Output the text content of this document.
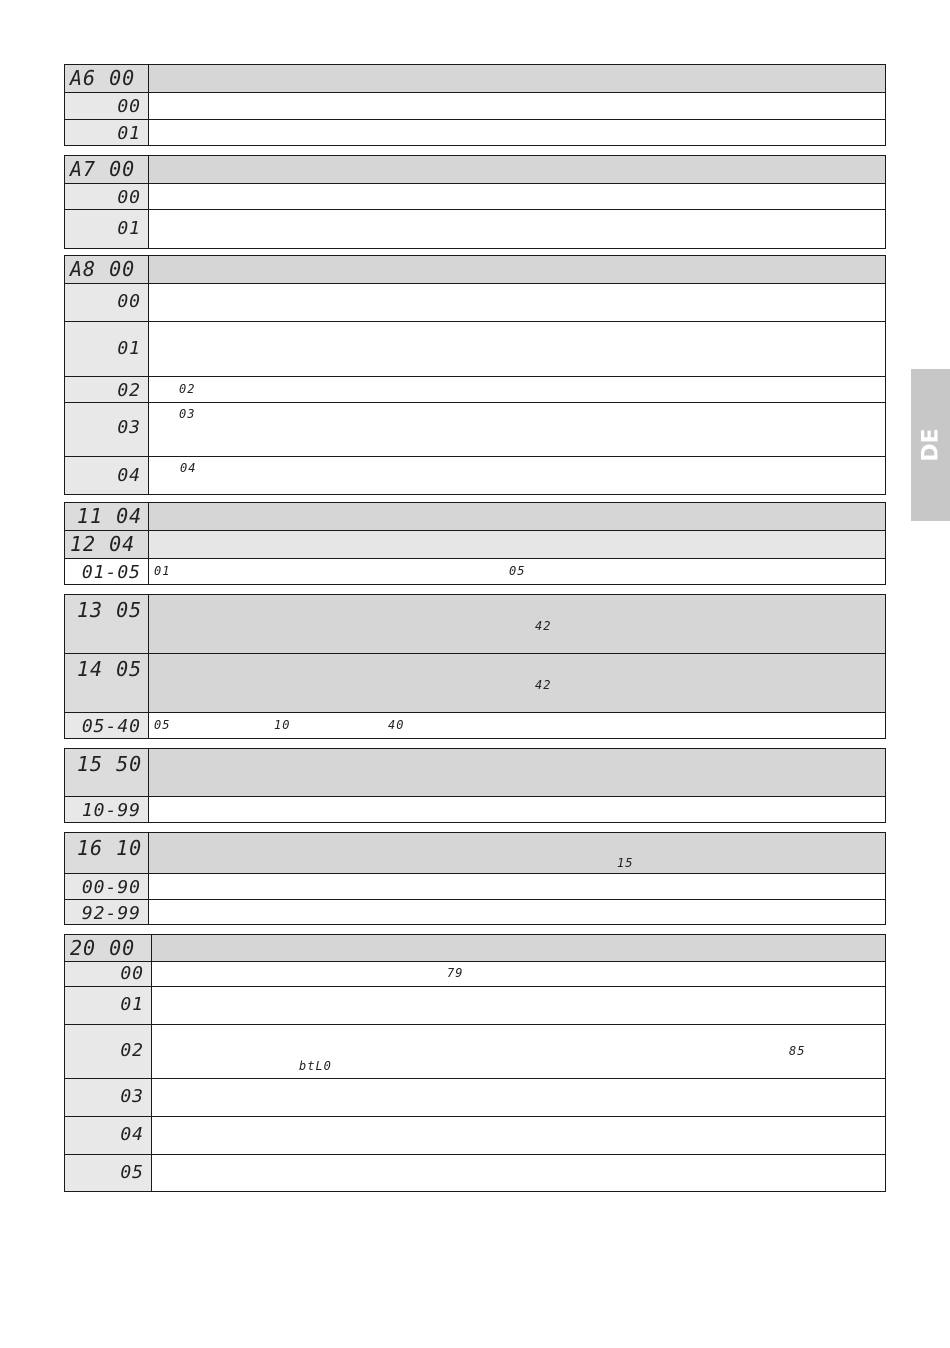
A6 00	

00	

01	

A7 00	

00	

01	

A8 00	

00	

01	

02	02

03	03

04	04
11 04	

12 04	

01-05	01 05
13 05	42

14 05	42

05-40	05 10 40
15 50	

10-99	

16 10	15

00-90	

92-99	

20 00	

00	79

01	

02	85
btL0

03	

04	

05	

DE
